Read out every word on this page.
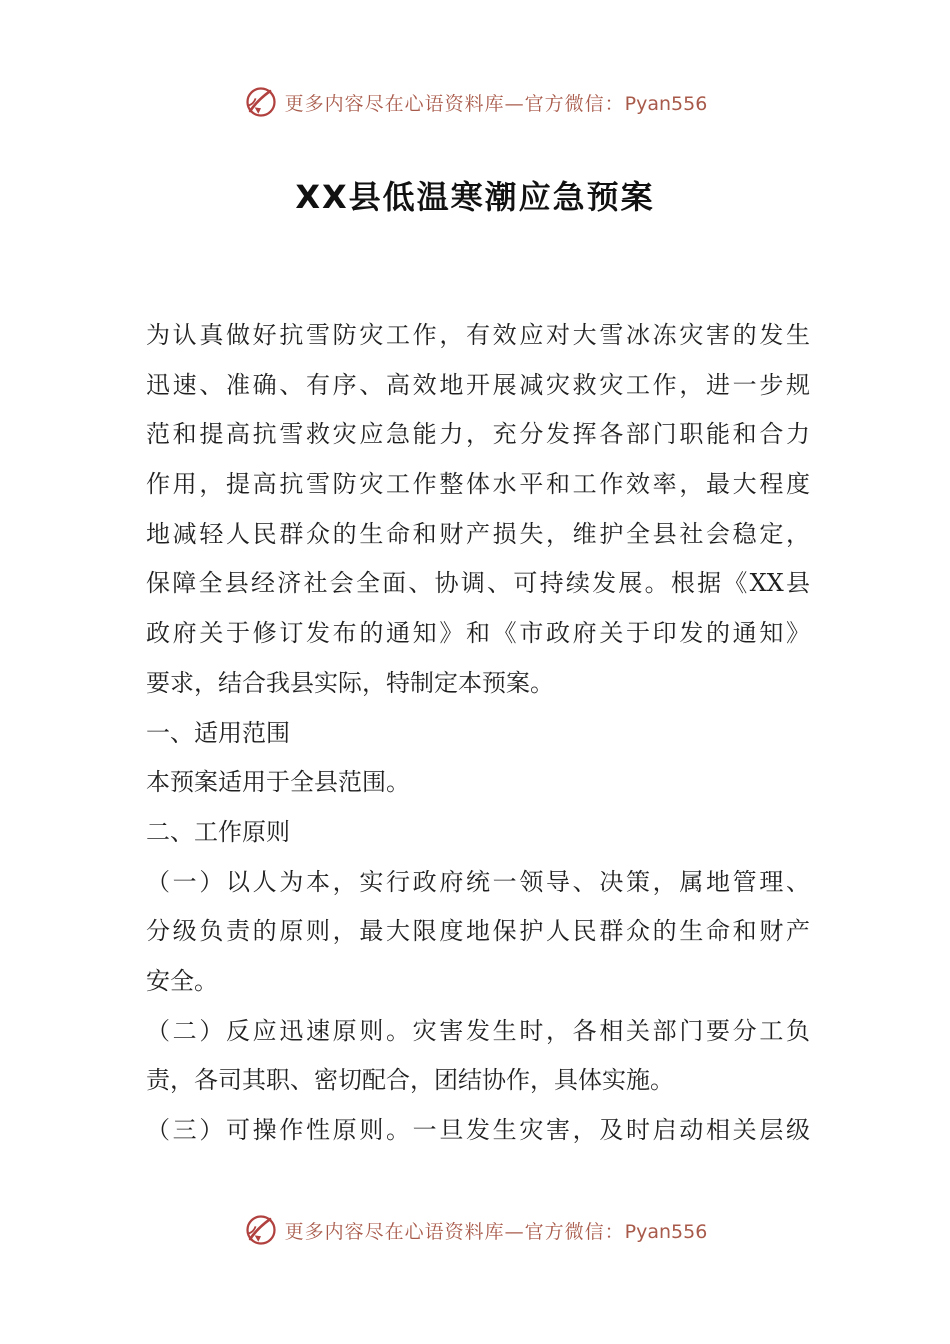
更多内容尽在心语资料库—官方微信：Pyan556
XX县低温寒潮应急预案
为认真做好抗雪防灾工作，有效应对大雪冰冻灾害的发生
迅速、准确、有序、高效地开展减灾救灾工作，进一步规
范和提高抗雪救灾应急能力，充分发挥各部门职能和合力
作用，提高抗雪防灾工作整体水平和工作效率，最大程度
地减轻人民群众的生命和财产损失，维护全县社会稳定，
保障全县经济社会全面、协调、可持续发展。根据《XX县
政府关于修订发布的通知》和《市政府关于印发的通知》
要求，结合我县实际，特制定本预案。
一、适用范围
本预案适用于全县范围。
二、工作原则
（一）以人为本，实行政府统一领导、决策，属地管理、
分级负责的原则，最大限度地保护人民群众的生命和财产
安全。
（二）反应迅速原则。灾害发生时，各相关部门要分工负
责，各司其职、密切配合，团结协作，具体实施。
（三）可操作性原则。一旦发生灾害，及时启动相关层级
更多内容尽在心语资料库—官方微信：Pyan556
